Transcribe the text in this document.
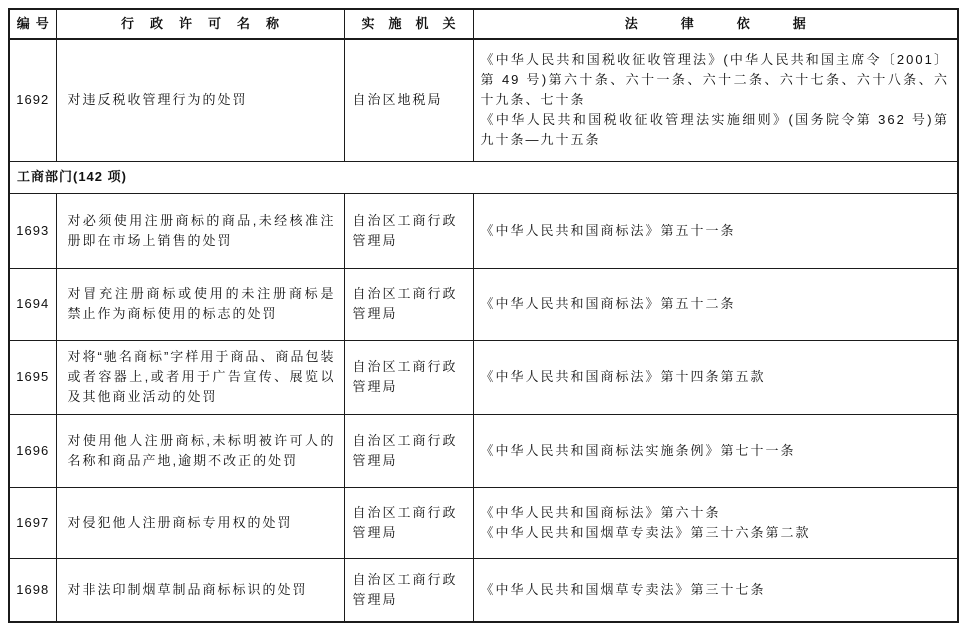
编号	行政许可名称	实施机关	法律依据
1692	对违反税收管理行为的处罚	自治区地税局	《中华人民共和国税收征收管理法》(中华人民共和国主席令〔2001〕第 49 号)第六十条、六十一条、六十二条、六十七条、六十八条、六十九条、七十条
《中华人民共和国税收征收管理法实施细则》(国务院令第 362 号)第九十条—九十五条

工商部门(142 项)			
1693	对必须使用注册商标的商品,未经核准注册即在市场上销售的处罚	自治区工商行政管理局	《中华人民共和国商标法》第五十一条

1694	对冒充注册商标或使用的未注册商标是禁止作为商标使用的标志的处罚	自治区工商行政管理局	《中华人民共和国商标法》第五十二条

1695	对将“驰名商标”字样用于商品、商品包装或者容器上,或者用于广告宣传、展览以及其他商业活动的处罚	自治区工商行政管理局	《中华人民共和国商标法》第十四条第五款

1696	对使用他人注册商标,未标明被许可人的名称和商品产地,逾期不改正的处罚	自治区工商行政管理局	《中华人民共和国商标法实施条例》第七十一条

1697	对侵犯他人注册商标专用权的处罚	自治区工商行政管理局	《中华人民共和国商标法》第六十条
《中华人民共和国烟草专卖法》第三十六条第二款

1698	对非法印制烟草制品商标标识的处罚	自治区工商行政管理局	《中华人民共和国烟草专卖法》第三十七条
